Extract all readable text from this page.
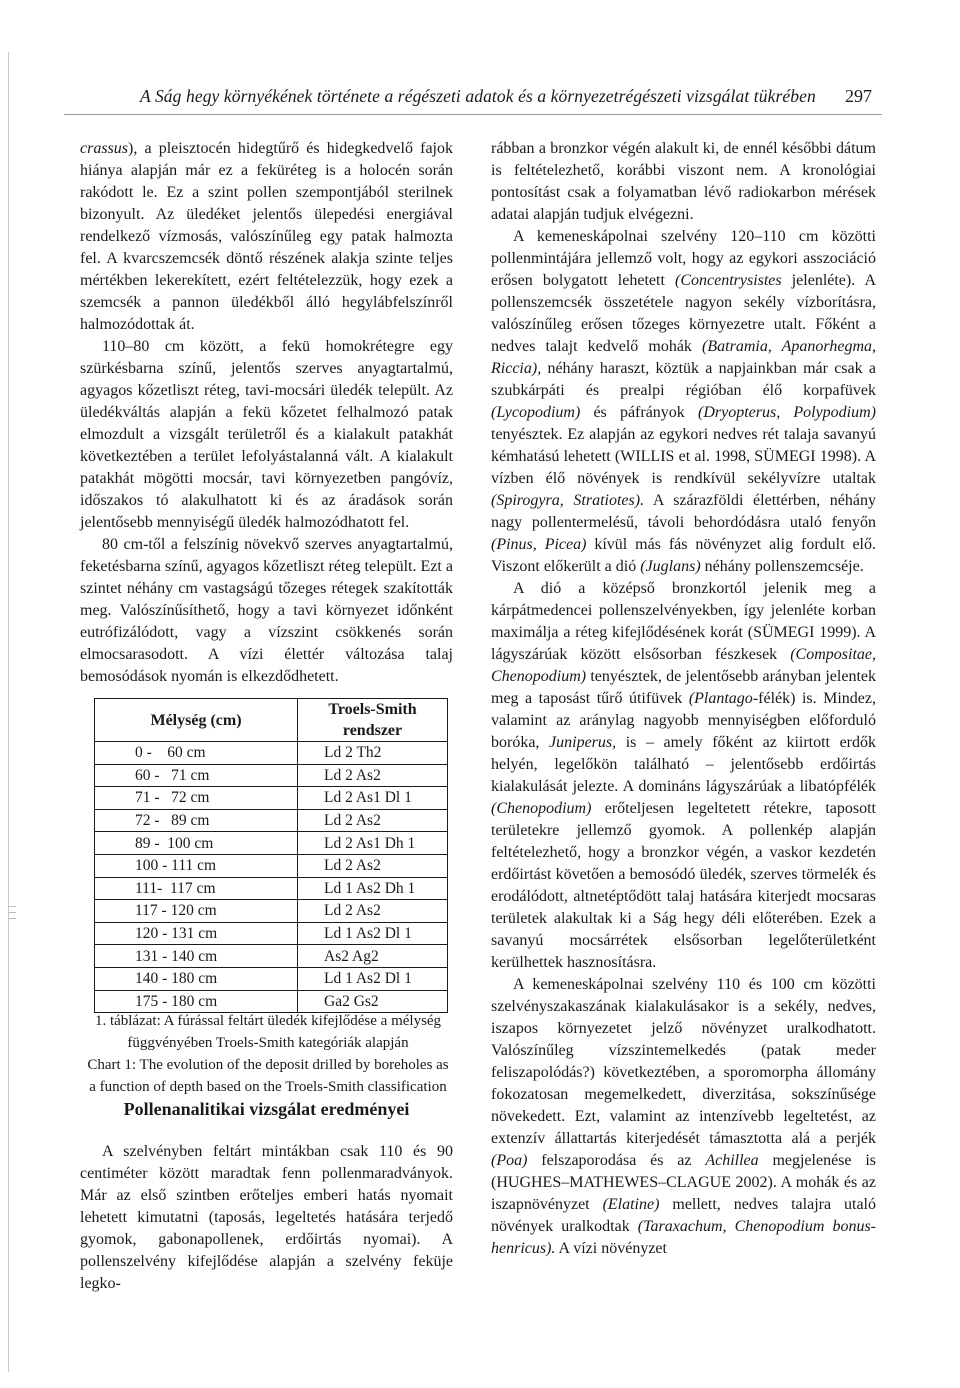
A Ság hegy környékének története a régészeti adatok és a környezetrégészeti vizsgálat tükrében	297

crassus), a pleisztocén hidegtűrő és hidegkedvelő fajok hiánya alapján már ez a feküréteg is a holocén során rakódott le. Ez a szint pollen szempontjából sterilnek bizonyult. Az üledéket jelentős ülepedési energiával rendelkező vízmosás, valószínűleg egy patak halmozta fel. A kvarcszemcsék döntő részének alakja szinte teljes mértékben lekerekített, ezért feltételezzük, hogy ezek a szemcsék a pannon üledékből álló hegylábfelszínről halmozódottak át.

110–80 cm között, a fekü homokrétegre egy szürkésbarna színű, jelentős szerves anyagtartalmú, agyagos kőzetliszt réteg, tavi-mocsári üledék települt. Az üledékváltás alapján a fekü kőzetet felhalmozó patak elmozdult a vizsgált területről és a kialakult patakhát következtében a terület lefolyástalanná vált. A kialakult patakhát mögötti mocsár, tavi környezetben pangóvíz, időszakos tó alakulhatott ki és az áradások során jelentősebb mennyiségű üledék halmozódhatott fel.

80 cm-től a felszínig növekvő szerves anyagtartalmú, feketésbarna színű, agyagos kőzetliszt réteg települt. Ezt a szintet néhány cm vastagságú tőzeges rétegek szakították meg. Valószínűsíthető, hogy a tavi környezet időnként eutrófizálódott, vagy a vízszint csökkenés során elmocsarasodott. A vízi élettér változása talaj bemosódások nyomán is elkezdődhetett.

Mélység (cm)	Troels-Smith rendszer
0 -    60 cm	Ld 2 Th2
60 -   71 cm	Ld 2 As2
71 -   72 cm	Ld 2 As1 Dl 1
72 -   89 cm	Ld 2 As2
89 -  100 cm	Ld 2 As1 Dh 1
100 - 111 cm	Ld 2 As2
111-  117 cm	Ld 1 As2 Dh 1
117 - 120 cm	Ld 2 As2
120 - 131 cm	Ld 1 As2 Dl 1
131 - 140 cm	As2 Ag2
140 - 180 cm	Ld 1 As2 Dl 1
175 - 180 cm	Ga2 Gs2
1. táblázat: A fúrással feltárt üledék kifejlődése a mélység
függvényében Troels-Smith kategóriák alapján
Chart 1: The evolution of the deposit drilled by boreholes as
a function of depth based on the Troels-Smith classification
Pollenanalitikai vizsgálat eredményei

A szelvényben feltárt mintákban csak 110 és 90 centiméter között maradtak fenn pollenmaradványok. Már az első szintben erőteljes emberi hatás nyomait lehetett kimutatni (taposás, legeltetés hatására terjedő gyomok, gabonapollenek, erdőirtás nyomai). A pollenszelvény kifejlődése alapján a szelvény feküje legko-

rábban a bronzkor végén alakult ki, de ennél későbbi dátum is feltételezhető, korábbi viszont nem. A kronológiai pontosítást csak a folyamatban lévő radiokarbon mérések adatai alapján tudjuk elvégezni.

A kemeneskápolnai szelvény 120–110 cm közötti pollenmintájára jellemző volt, hogy az egykori asszociáció erősen bolygatott lehetett (Concentrysistes jelenléte). A pollenszemcsék összetétele nagyon sekély vízborításra, valószínűleg erősen tőzeges környezetre utalt. Főként a nedves talajt kedvelő mohák (Batramia, Apanorhegma, Riccia), néhány haraszt, köztük a napjainkban már csak a szubkárpáti és prealpi régióban élő korpafüvek (Lycopodium) és páfrányok (Dryopterus, Polypodium) tenyésztek. Ez alapján az egykori nedves rét talaja savanyú kémhatású lehetett (WILLIS et al. 1998, SÜMEGI 1998). A vízben élő növények is rendkívül sekélyvízre utaltak (Spirogyra, Stratiotes). A szárazföldi élettérben, néhány nagy pollentermelésű, távoli behordódásra utaló fenyőn (Pinus, Picea) kívül más fás növényzet alig fordult elő. Viszont előkerült a dió (Juglans) néhány pollenszemcséje.

A dió a középső bronzkortól jelenik meg a kárpátmedencei pollenszelvényekben, így jelenléte korban maximálja a réteg kifejlődésének korát (SÜMEGI 1999). A lágyszárúak között elsősorban fészkesek (Compositae, Chenopodium) tenyésztek, de jelentősebb arányban jelentek meg a taposást tűrő útifüvek (Plantago-félék) is. Mindez, valamint az aránylag nagyobb mennyiségben előforduló boróka, Juniperus, is – amely főként az kiirtott erdők helyén, legelőkön található – jelentősebb erdőirtás kialakulását jelezte. A domináns lágyszárúak a libatópfélék (Chenopodium) erőteljesen legeltetett rétekre, taposott területekre jellemző gyomok. A pollenkép alapján feltételezhető, hogy a bronzkor végén, a vaskor kezdetén erdőirtást követően a bemosódó üledék, szerves törmelék és erodálódott, altnetéptődött talaj hatására kiterjedt mocsaras területek alakultak ki a Ság hegy déli előterében. Ezek a savanyú mocsárrétek elsősorban legelőterületként kerülhettek hasznosításra.

A kemeneskápolnai szelvény 110 és 100 cm közötti szelvényszakaszának kialakulásakor is a sekély, nedves, iszapos környezetet jelző növényzet uralkodhatott. Valószínűleg vízszintemelkedés (patak meder feliszapolódás?) következtében, a sporomorpha állomány fokozatosan megemelkedett, diverzitása, sokszínűsége növekedett. Ezt, valamint az intenzívebb legeltetést, az extenzív állattartás kiterjedését támasztotta alá a perjék (Poa) felszaporodása és az Achillea megjelenése is (HUGHES–MATHEWES–CLAGUE 2002). A mohák és az iszapnövényzet (Elatine) mellett, nedves talajra utaló növények uralkodtak (Taraxachum, Chenopodium bonus-henricus). A vízi növényzet
